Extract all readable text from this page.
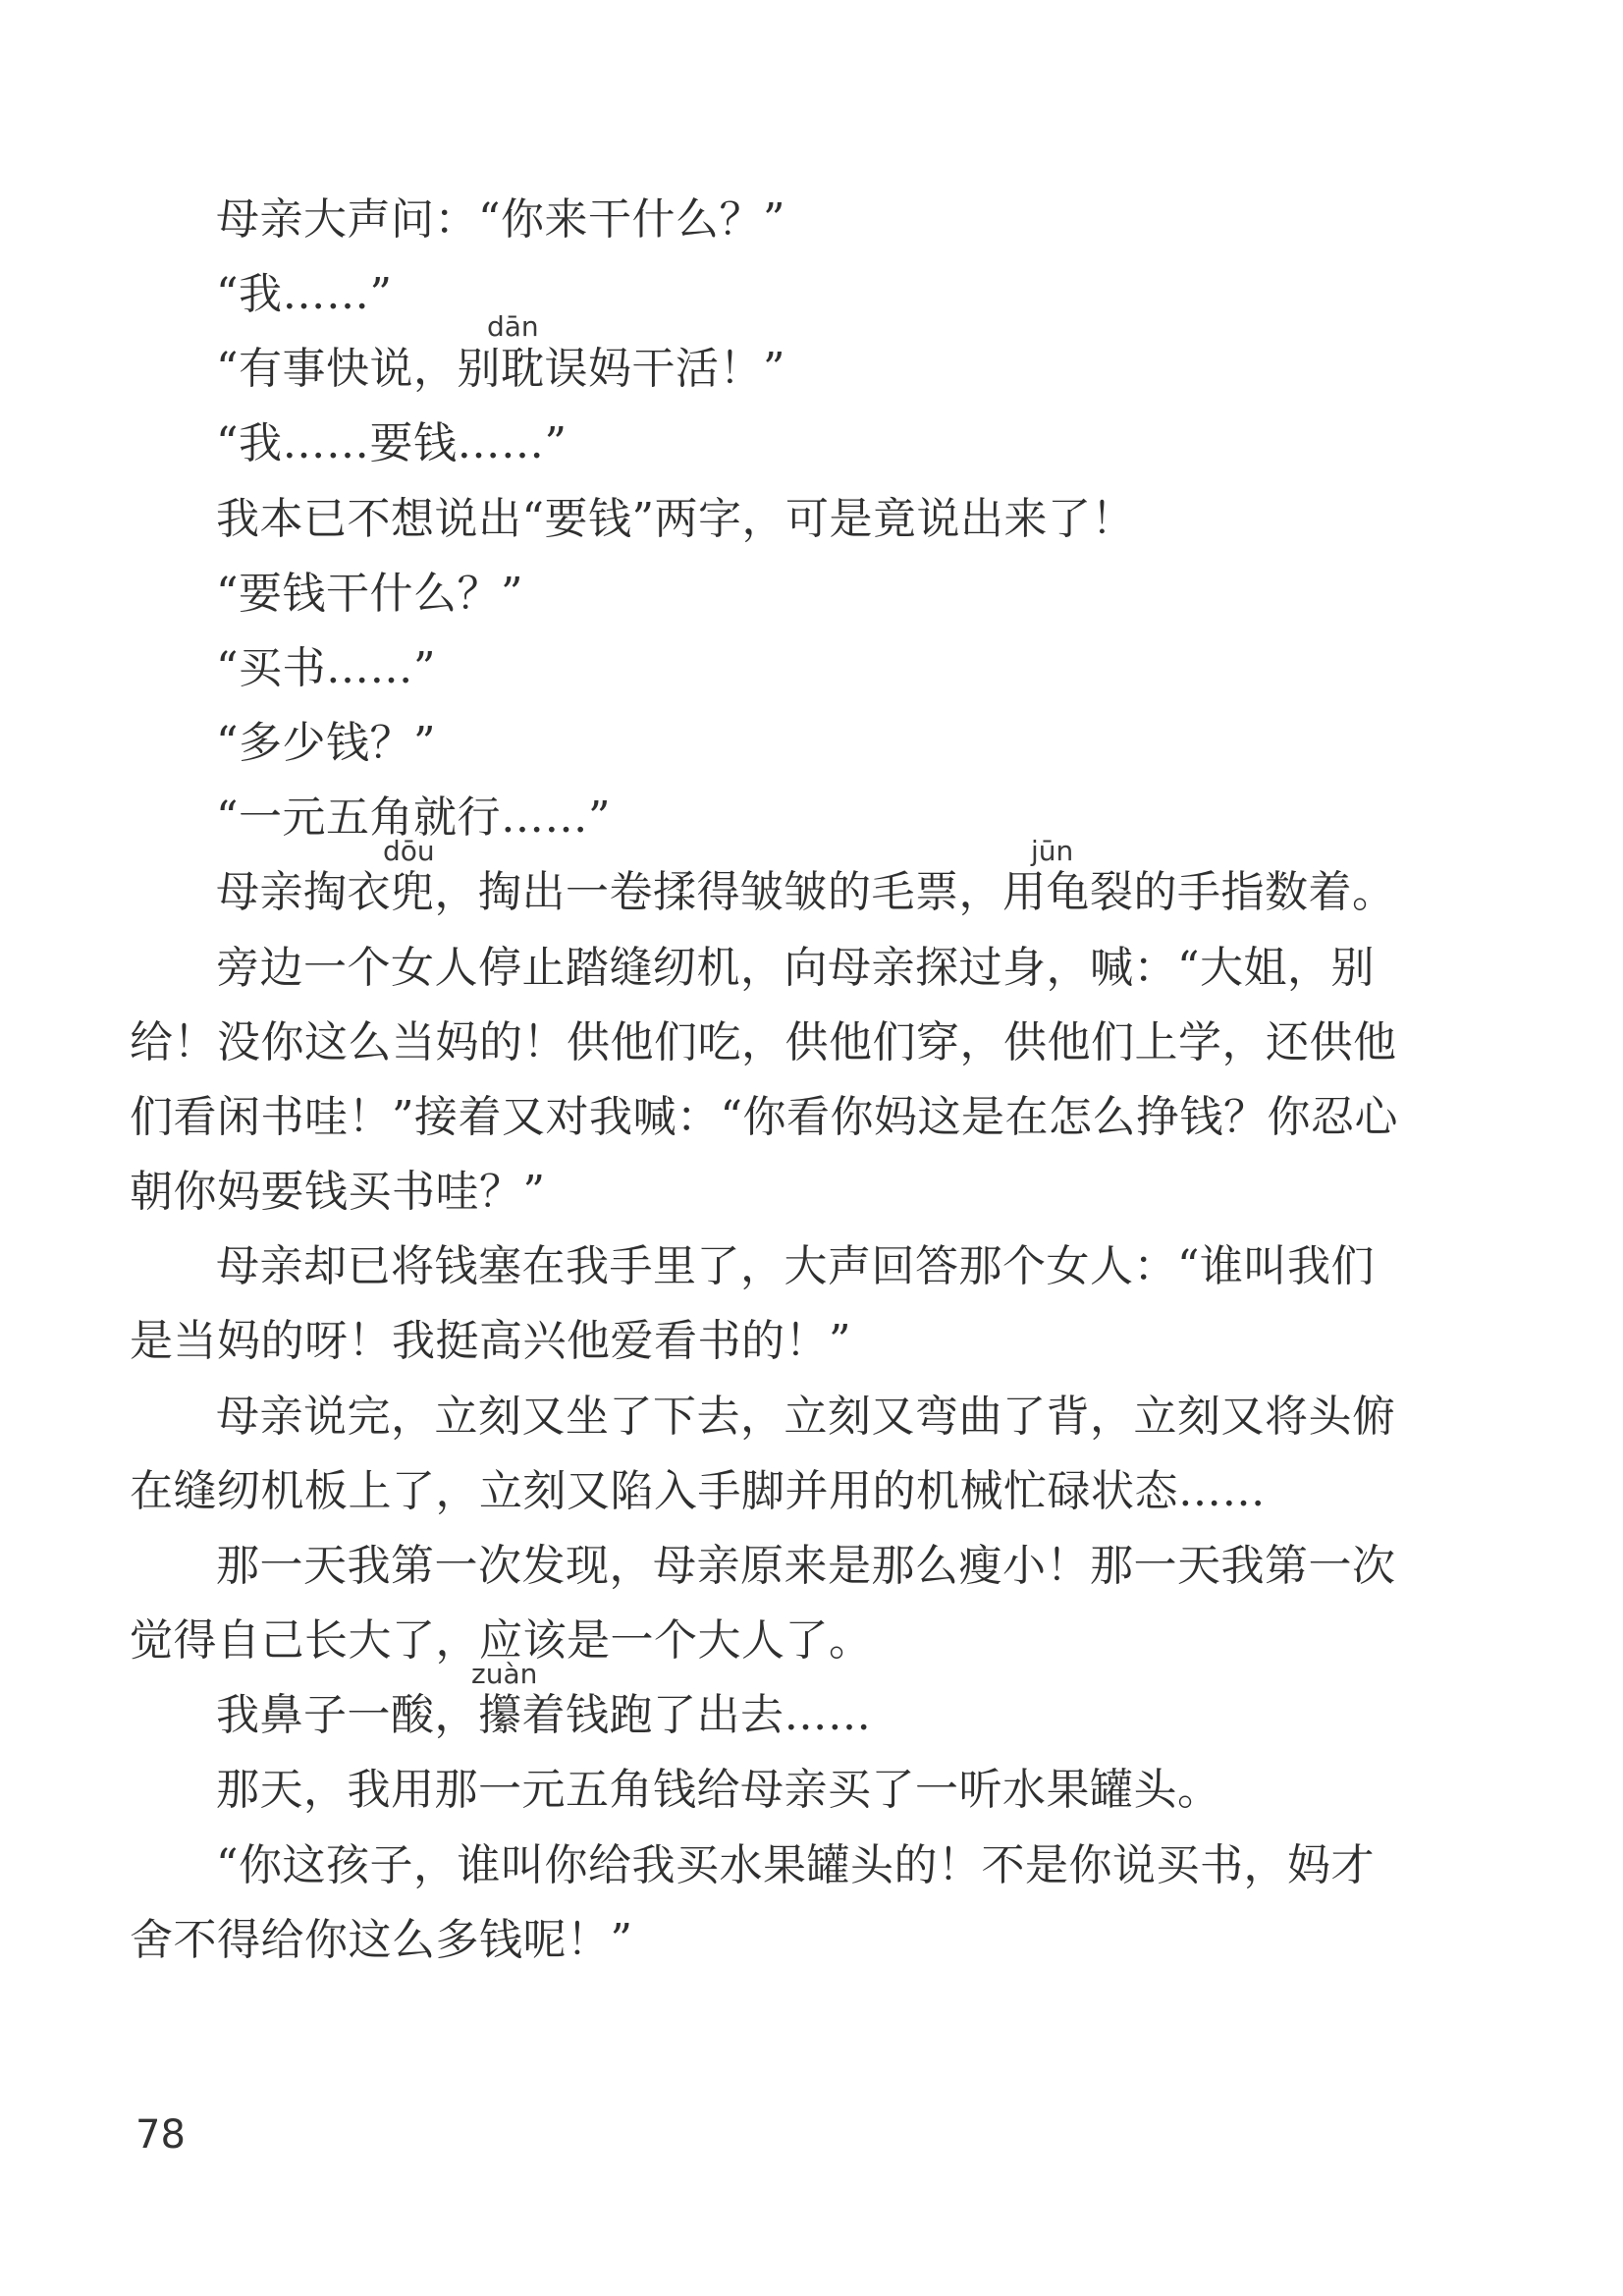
母亲大声问：“你来干什么？”
“我……”
dān
“有事快说，别耽误妈干活！”
“我……要钱……”
我本已不想说出“要钱”两字，可是竟说出来了！
“要钱干什么？”
“买书……”
“多少钱？”
“一元五角就行……”
dōu	jūn
母亲掏衣兜，掏出一卷揉得皱皱的毛票，用龟裂的手指数着。
旁边一个女人停止踏缝纫机，向母亲探过身，喊：“大姐，别
给！没你这么当妈的！供他们吃，供他们穿，供他们上学，还供他
们看闲书哇！”接着又对我喊：“你看你妈这是在怎么挣钱？你忍心
朝你妈要钱买书哇？”
母亲却已将钱塞在我手里了，大声回答那个女人：“谁叫我们
是当妈的呀！我挺高兴他爱看书的！”
母亲说完，立刻又坐了下去，立刻又弯曲了背，立刻又将头俯
在缝纫机板上了，立刻又陷入手脚并用的机械忙碌状态……
那一天我第一次发现，母亲原来是那么瘦小！那一天我第一次
觉得自己长大了，应该是一个大人了。
zuàn
我鼻子一酸，攥着钱跑了出去……
那天，我用那一元五角钱给母亲买了一听水果罐头。
“你这孩子，谁叫你给我买水果罐头的！不是你说买书，妈才
舍不得给你这么多钱呢！”
78
